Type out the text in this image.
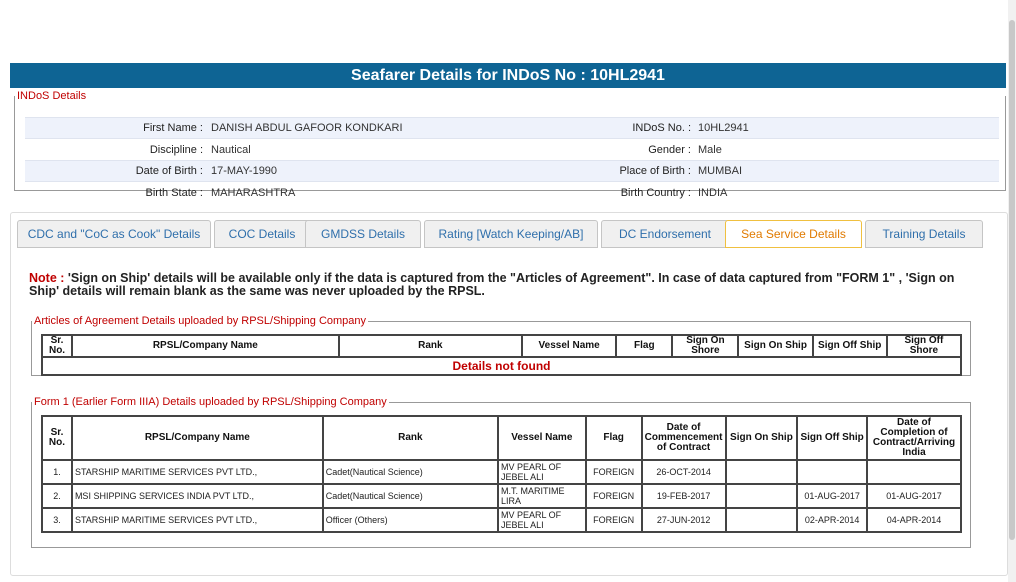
Seafarer Details for INDoS No : 10HL2941
INDoS Details
First Name : DANISH ABDUL GAFOOR KONDKARI	INDoS No. : 10HL2941
Discipline : Nautical	Gender : Male
Date of Birth : 17-MAY-1990	Place of Birth : MUMBAI
Birth State : MAHARASHTRA	Birth Country : INDIA
CDC and "CoC as Cook" Details	COC Details	GMDSS Details	Rating [Watch Keeping/AB]	DC Endorsement	Sea Service Details	Training Details
Note : 'Sign on Ship' details will be available only if the data is captured from the "Articles of Agreement". In case of data captured from "FORM 1" , 'Sign on Ship' details will remain blank as the same was never uploaded by the RPSL.
Articles of Agreement Details uploaded by RPSL/Shipping Company
Sr. No.	RPSL/Company Name	Rank	Vessel Name	Flag	Sign On Shore	Sign On Ship	Sign Off Ship	Sign Off Shore
Details not found
Form 1 (Earlier Form IIIA) Details uploaded by RPSL/Shipping Company
Sr. No.	RPSL/Company Name	Rank	Vessel Name	Flag	Date of Commencement of Contract	Sign On Ship	Sign Off Ship	Date of Completion of Contract/Arriving India
1.	STARSHIP MARITIME SERVICES PVT LTD.,	Cadet(Nautical Science)	MV PEARL OF JEBEL ALI	FOREIGN	26-OCT-2014			
2.	MSI SHIPPING SERVICES INDIA PVT LTD.,	Cadet(Nautical Science)	M.T. MARITIME LIRA	FOREIGN	19-FEB-2017		01-AUG-2017	01-AUG-2017
3.	STARSHIP MARITIME SERVICES PVT LTD.,	Officer (Others)	MV PEARL OF JEBEL ALI	FOREIGN	27-JUN-2012		02-APR-2014	04-APR-2014
